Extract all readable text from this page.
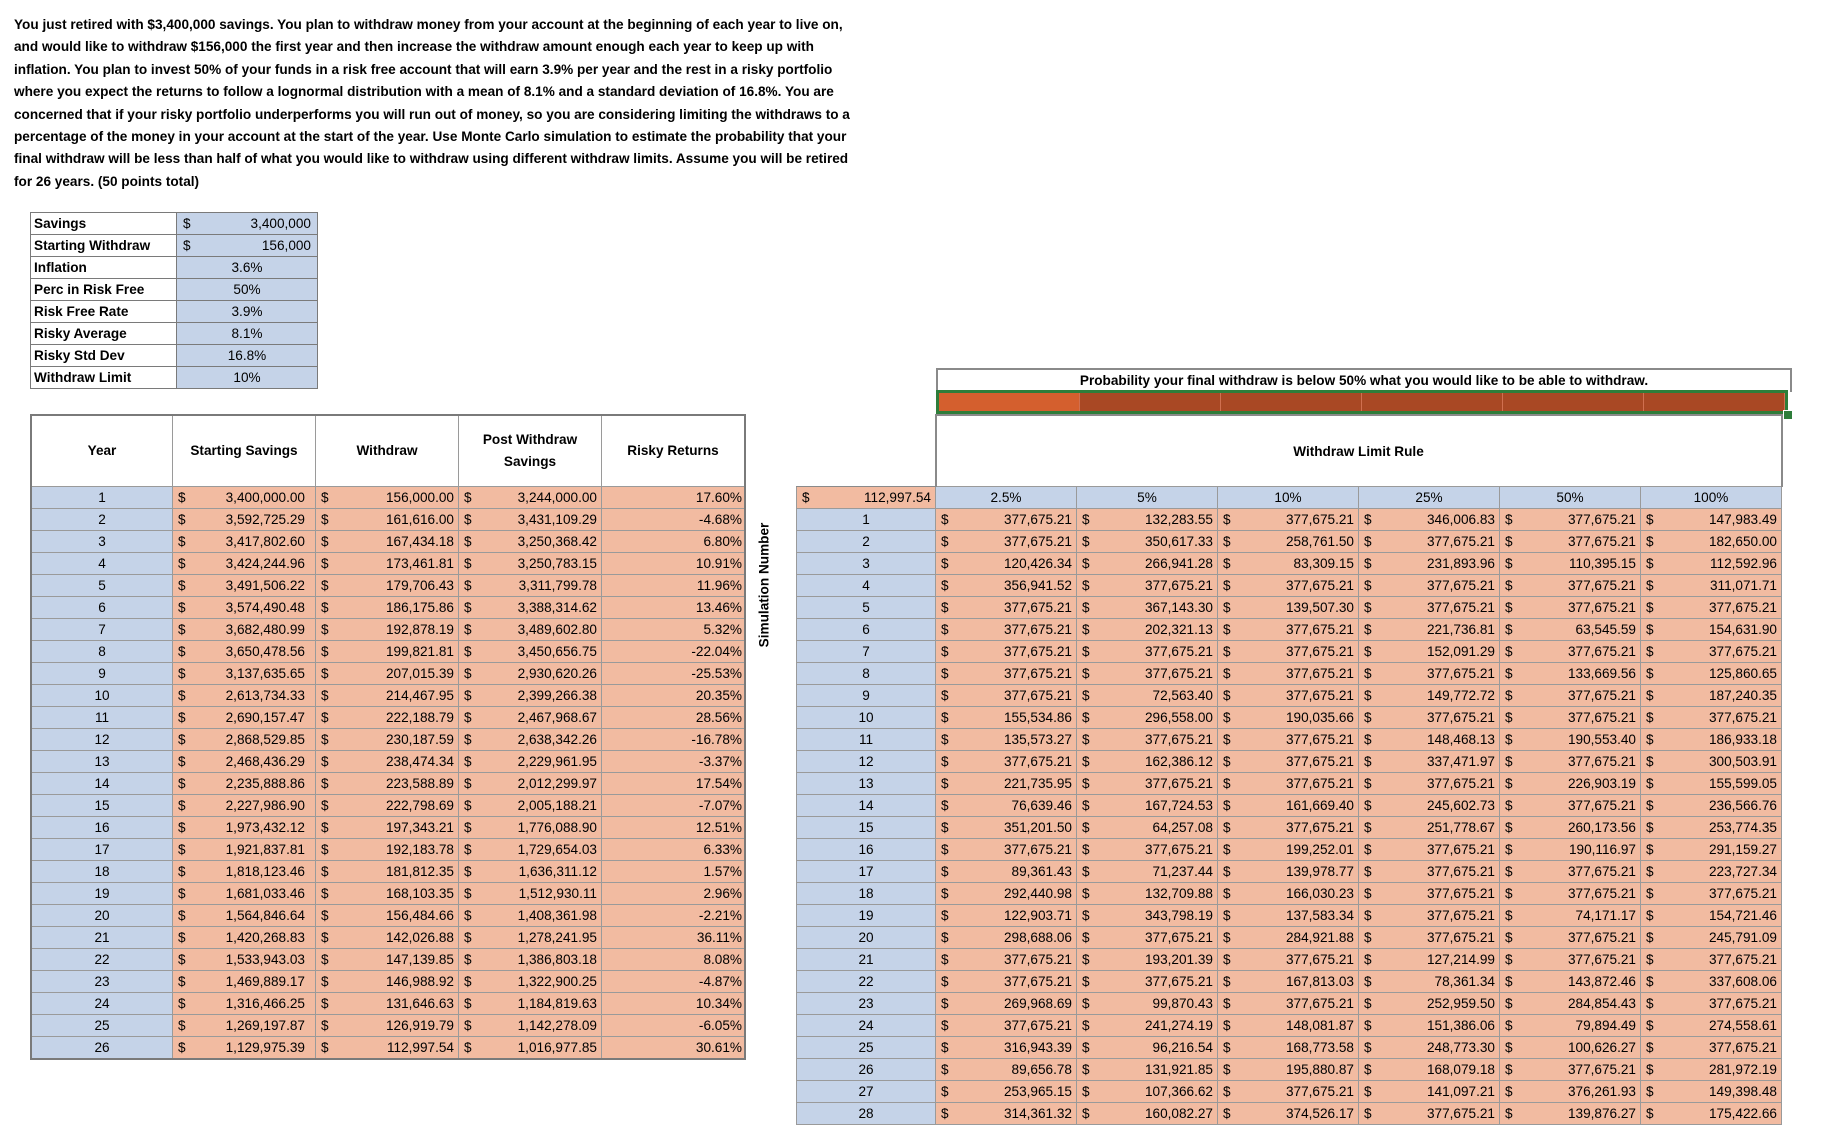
You just retired with $3,400,000 savings. You plan to withdraw money from your account at the beginning of each year to live on, and would like to withdraw $156,000 the first year and then increase the withdraw amount enough each year to keep up with inflation. You plan to invest 50% of your funds in a risk free account that will earn 3.9% per year and the rest in a risky portfolio where you expect the returns to follow a lognormal distribution with a mean of 8.1% and a standard deviation of 16.8%. You are concerned that if your risky portfolio underperforms you will run out of money, so you are considering limiting the withdraws to a percentage of the money in your account at the start of the year. Use Monte Carlo simulation to estimate the probability that your final withdraw will be less than half of what you would like to withdraw using different withdraw limits. Assume you will be retired for 26 years. (50 points total)
Savings	$ 3,400,000
Starting Withdraw	$ 156,000
Inflation	3.6%
Perc in Risk Free	50%
Risk Free Rate	3.9%
Risky Average	8.1%
Risky Std Dev	16.8%
Withdraw Limit	10%
Year	Starting Savings	Withdraw	Post Withdraw Savings	Risky Returns
1	$ 3,400,000.00	$ 156,000.00	$ 3,244,000.00	17.60%
2	$ 3,592,725.29	$ 161,616.00	$ 3,431,109.29	-4.68%
3	$ 3,417,802.60	$ 167,434.18	$ 3,250,368.42	6.80%
4	$ 3,424,244.96	$ 173,461.81	$ 3,250,783.15	10.91%
5	$ 3,491,506.22	$ 179,706.43	$ 3,311,799.78	11.96%
6	$ 3,574,490.48	$ 186,175.86	$ 3,388,314.62	13.46%
7	$ 3,682,480.99	$ 192,878.19	$ 3,489,602.80	5.32%
8	$ 3,650,478.56	$ 199,821.81	$ 3,450,656.75	-22.04%
9	$ 3,137,635.65	$ 207,015.39	$ 2,930,620.26	-25.53%
10	$ 2,613,734.33	$ 214,467.95	$ 2,399,266.38	20.35%
11	$ 2,690,157.47	$ 222,188.79	$ 2,467,968.67	28.56%
12	$ 2,868,529.85	$ 230,187.59	$ 2,638,342.26	-16.78%
13	$ 2,468,436.29	$ 238,474.34	$ 2,229,961.95	-3.37%
14	$ 2,235,888.86	$ 223,588.89	$ 2,012,299.97	17.54%
15	$ 2,227,986.90	$ 222,798.69	$ 2,005,188.21	-7.07%
16	$ 1,973,432.12	$ 197,343.21	$ 1,776,088.90	12.51%
17	$ 1,921,837.81	$ 192,183.78	$ 1,729,654.03	6.33%
18	$ 1,818,123.46	$ 181,812.35	$ 1,636,311.12	1.57%
19	$ 1,681,033.46	$ 168,103.35	$ 1,512,930.11	2.96%
20	$ 1,564,846.64	$ 156,484.66	$ 1,408,361.98	-2.21%
21	$ 1,420,268.83	$ 142,026.88	$ 1,278,241.95	36.11%
22	$ 1,533,943.03	$ 147,139.85	$ 1,386,803.18	8.08%
23	$ 1,469,889.17	$ 146,988.92	$ 1,322,900.25	-4.87%
24	$ 1,316,466.25	$ 131,646.63	$ 1,184,819.63	10.34%
25	$ 1,269,197.87	$ 126,919.79	$ 1,142,278.09	-6.05%
26	$ 1,129,975.39	$ 112,997.54	$ 1,016,977.85	30.61%
Simulation Number
Probability your final withdraw is below 50% what you would like to be able to withdraw.
	Withdraw Limit Rule					

$ 112,997.54	2.5%	5%	10%	25%	50%	100%
1	$ 377,675.21	$ 132,283.55	$ 377,675.21	$ 346,006.83	$ 377,675.21	$ 147,983.49

2	$ 377,675.21	$ 350,617.33	$ 258,761.50	$ 377,675.21	$ 377,675.21	$ 182,650.00

3	$ 120,426.34	$ 266,941.28	$ 83,309.15	$ 231,893.96	$ 110,395.15	$ 112,592.96

4	$ 356,941.52	$ 377,675.21	$ 377,675.21	$ 377,675.21	$ 377,675.21	$ 311,071.71

5	$ 377,675.21	$ 367,143.30	$ 139,507.30	$ 377,675.21	$ 377,675.21	$ 377,675.21

6	$ 377,675.21	$ 202,321.13	$ 377,675.21	$ 221,736.81	$ 63,545.59	$ 154,631.90

7	$ 377,675.21	$ 377,675.21	$ 377,675.21	$ 152,091.29	$ 377,675.21	$ 377,675.21

8	$ 377,675.21	$ 377,675.21	$ 377,675.21	$ 377,675.21	$ 133,669.56	$ 125,860.65

9	$ 377,675.21	$ 72,563.40	$ 377,675.21	$ 149,772.72	$ 377,675.21	$ 187,240.35

10	$ 155,534.86	$ 296,558.00	$ 190,035.66	$ 377,675.21	$ 377,675.21	$ 377,675.21

11	$ 135,573.27	$ 377,675.21	$ 377,675.21	$ 148,468.13	$ 190,553.40	$ 186,933.18

12	$ 377,675.21	$ 162,386.12	$ 377,675.21	$ 337,471.97	$ 377,675.21	$ 300,503.91

13	$ 221,735.95	$ 377,675.21	$ 377,675.21	$ 377,675.21	$ 226,903.19	$ 155,599.05

14	$ 76,639.46	$ 167,724.53	$ 161,669.40	$ 245,602.73	$ 377,675.21	$ 236,566.76

15	$ 351,201.50	$ 64,257.08	$ 377,675.21	$ 251,778.67	$ 260,173.56	$ 253,774.35

16	$ 377,675.21	$ 377,675.21	$ 199,252.01	$ 377,675.21	$ 190,116.97	$ 291,159.27

17	$ 89,361.43	$ 71,237.44	$ 139,978.77	$ 377,675.21	$ 377,675.21	$ 223,727.34

18	$ 292,440.98	$ 132,709.88	$ 166,030.23	$ 377,675.21	$ 377,675.21	$ 377,675.21

19	$ 122,903.71	$ 343,798.19	$ 137,583.34	$ 377,675.21	$ 74,171.17	$ 154,721.46

20	$ 298,688.06	$ 377,675.21	$ 284,921.88	$ 377,675.21	$ 377,675.21	$ 245,791.09

21	$ 377,675.21	$ 193,201.39	$ 377,675.21	$ 127,214.99	$ 377,675.21	$ 377,675.21

22	$ 377,675.21	$ 377,675.21	$ 167,813.03	$ 78,361.34	$ 143,872.46	$ 337,608.06

23	$ 269,968.69	$ 99,870.43	$ 377,675.21	$ 252,959.50	$ 284,854.43	$ 377,675.21

24	$ 377,675.21	$ 241,274.19	$ 148,081.87	$ 151,386.06	$ 79,894.49	$ 274,558.61

25	$ 316,943.39	$ 96,216.54	$ 168,773.58	$ 248,773.30	$ 100,626.27	$ 377,675.21

26	$ 89,656.78	$ 131,921.85	$ 195,880.87	$ 168,079.18	$ 377,675.21	$ 281,972.19

27	$ 253,965.15	$ 107,366.62	$ 377,675.21	$ 141,097.21	$ 376,261.93	$ 149,398.48

28	$ 314,361.32	$ 160,082.27	$ 374,526.17	$ 377,675.21	$ 139,876.27	$ 175,422.66
